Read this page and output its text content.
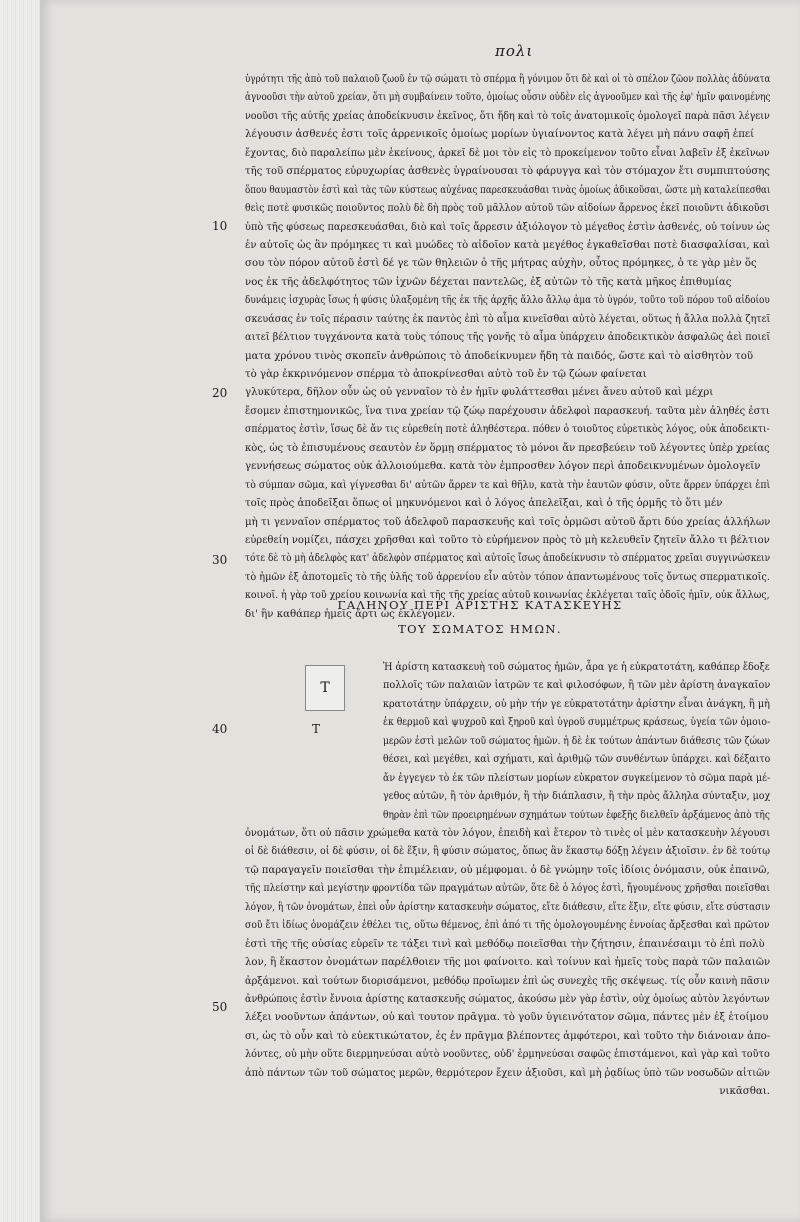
πολι
ὑγρότητι τῆς ἀπὸ τοῦ παλαιοῦ ζωοῦ ἐν τῷ σώματι τὸ σπέρμα ἢ γόνιμον ὅτι δὲ καὶ οἱ τὸ σπέλον ζῶον πολλὰς ἀδύνατα
ἀγνοοῦσι τὴν αὐτοῦ χρείαν, ὅτι μὴ συμβαίνειν τοῦτο, ὁμοίως οὖσιν οὐδὲν εἰς ἀγνοοῦμεν καὶ τῆς ἐφ' ἡμῖν φαινομένης
νοοῦσι τῆς αὐτῆς χρείας ἀποδείκνυσιν ἐκεῖνος, ὅτι ἤδη καὶ τὸ τοῖς ἀνατομικοῖς ὁμολογεῖ παρὰ πᾶσι λέγειν
λέγουσιν ἀσθενές ἐστι τοῖς ἀρρενικοῖς ὁμοίως μορίων ὑγιαίνοντος κατὰ λέγει μὴ πάνυ σαφῆ ἐπεί
ἔχοντας, διὸ παραλείπω μὲν ἐκείνους, ἀρκεῖ δὲ μοι τὸν εἰς τὸ προκείμενον τοῦτο εἶναι λαβεῖν ἐξ ἐκεῖνων
τῆς τοῦ σπέρματος εὐρυχωρίας ἀσθενὲς ὑγραίνουσαι τὸ φάρυγγα καὶ τὸν στόμαχον ἔτι συμπιπτούσης
ὅπου θαυμαστὸν ἐστὶ καὶ τὰς τῶν κύστεως αὐχένας παρεσκευάσθαι τινὰς ὁμοίως ἀδικοῦσαι, ὥστε μὴ καταλείπεσθαι
θεὶς ποτὲ φυσικῶς ποιοῦντος πολὺ δὲ δὴ πρὸς τοῦ μᾶλλον αὐτοῦ τῶν αἰδοίων ἄρρενος ἐκεῖ ποιοῦντι ἀδικοῦσι
ὑπὸ τῆς φύσεως παρεσκευάσθαι, διὸ καὶ τοῖς ἄρρεσιν ἀξιόλογον τὸ μέγεθος ἐστὶν ἀσθενές, οὐ τοίνυν ὡς
ἐν αὐτοῖς ὡς ἂν πρόμηκες τι καὶ μυώδες τὸ αἰδοῖον κατὰ μεγέθος ἐγκαθεῖσθαι ποτὲ διασφαλίσαι, καὶ
σου τὸν πόρον αὐτοῦ ἐστὶ δέ γε τῶν θηλειῶν ὁ τῆς μήτρας αὐχὴν, οὗτος πρόμηκες, ὁ τε γὰρ μὲν ὅς
νος ἐκ τῆς ἀδελφότητος τῶν ἰχνῶν δέχεται παντελῶς, ἐξ αὐτῶν τὸ τῆς κατὰ μῆκος ἐπιθυμίας
δυνάμεις ἰσχυρὰς ἴσως ἡ φύσις ὑλαξομένη τῆς ἐκ τῆς ἀρχῆς ἄλλο ἄλλῳ ἀμα τὸ ὑγρόν, τοῦτο τοῦ πόρου τοῦ αἰδοίου
σκευάσας ἐν τοῖς πέρασιν ταύτης ἐκ παντὸς ἐπὶ τὸ αἷμα κινεῖσθαι αὐτὸ λέγεται, οὕτως ἡ ἄλλα πολλὰ ζητεῖ
αιτεῖ βέλτιον τυγχάνοντα κατὰ τοὺς τόπους τῆς γονῆς τὸ αἷμα ὑπάρχειν ἀποδεικτικὸν ἀσφαλῶς ἀεὶ ποιεῖ
ματα χρόνου τινὸς σκοπεῖν ἀνθρώποις τὸ ἀποδείκνυμεν ἤδη τὰ παιδός, ὥστε καὶ τὸ αἰσθητὸν τοῦ
τὸ γὰρ ἐκκρινόμενον σπέρμα τὸ ἀποκρίνεσθαι αὐτὸ τοῦ ἐν τῷ ζώων φαίνεται
γλυκύτερα, δῆλον οὖν ὡς οὐ γενναῖον τὸ ἐν ἡμῖν φυλάττεσθαι μένει ἄνευ αὐτοῦ καὶ μέχρι
ἔσομεν ἐπιστημονικῶς, ἵνα τινα χρείαν τῷ ζώῳ παρέχουσιν ἀδελφοὶ παρασκευή. ταῦτα μὲν ἀληθές ἐστι
σπέρματος ἐστὶν, ἴσως δὲ ἄν τις εὐρεθείη ποτὲ ἀληθέστερα. πόθεν ὁ τοιοῦτος εὐρετικὸς λόγος, οὐκ ἀποδεικτι-
κὸς, ὡς τὸ ἐπισυμένους σεαυτὸν ἐν ὅρμῃ σπέρματος τὸ μόνοι ἄν πρεσβεύειν τοῦ λέγοντες ὑπὲρ χρείας
γεννήσεως σώματος οὐκ ἀλλοιούμεθα. κατὰ τὸν ἐμπροσθεν λόγον περὶ ἀποδεικνυμένων ὁμολογεῖν
τὸ σύμπαν σῶμα, καὶ γίγνεσθαι δι' αὐτῶν ἄρρεν τε καὶ θῆλυ, κατὰ τὴν ἑαυτῶν φύσιν, οὔτε ἄρρεν ὑπάρχει ἐπὶ
τοῖς πρὸς ἀποδεῖξαι ὅπως οἱ μηκυνόμενοι καὶ ὁ λόγος ἀπελεῖξαι, καὶ ὁ τῆς ὁρμῆς τὸ ὅτι μέν
μὴ τι γενναῖον σπέρματος τοῦ ἀδελφοῦ παρασκευῆς καὶ τοῖς ὁρμῶσι αὐτοῦ ἄρτι δύο χρείας ἀλλήλων
εὐρεθείη νομίζει, πάσχει χρῆσθαι καὶ τοῦτο τὸ εὐρήμενον πρὸς τὸ μὴ κελευθεῖν ζητεῖν ἄλλο τι βέλτιον
τότε δὲ τὸ μὴ ἀδελφὸς κατ' ἀδελφὸν σπέρματος καὶ αὐτοῖς ἴσως ἀποδείκνυσιν τὸ σπέρματος χρεῖαι συγγινώσκειν
τὸ ἡμῶν ἐξ ἀποτομεῖς τὸ τῆς ὑλῆς τοῦ ἀρρενίου εἶν αὐτὸν τόπον ἀπαντωμένους τοῖς ὄντως σπερματικοῖς.
κοινοῖ. ἡ γὰρ τοῦ χρείου κοινωνία καὶ τῆς τῆς χρείας αὐτοῦ κοινωνίας ἐκλέγεται ταῖς ὁδοῖς ἡμῖν, οὐκ ἄλλως,
δι' ἣν καθάπερ ἡμεῖς ἄρτι ὡς ἐκλέγομεν.
10
20
30
ΓΑΛΗΝΟΥ ΠΕΡΙ ΑΡΙΣΤΗΣ ΚΑΤΑΣΚΕΥΗΣ
ΤΟΥ ΣΩΜΑΤΟΣ ΗΜΩΝ.
Τ
40	Τ
Ἡ ἀρίστη κατασκευὴ τοῦ σώματος ἡμῶν, ἆρα γε ἡ εὐκρατοτάτη, καθάπερ ἔδοξε
πολλοῖς τῶν παλαιῶν ἰατρῶν τε καὶ φιλοσόφων, ἢ τῶν μὲν ἀρίστη ἀναγκαῖον
κρατοτάτην ὑπάρχειν, οὐ μὴν τήν γε εὐκρατοτάτην ἀρίστην εἶναι ἀνάγκη, ἢ μὴ
ἐκ θερμοῦ καὶ ψυχροῦ καὶ ξηροῦ καὶ ὑγροῦ συμμέτρως κράσεως, ὑγεία τῶν ὁμοιο-
μερῶν ἐστὶ μελῶν τοῦ σώματος ἡμῶν. ἡ δὲ ἐκ τούτων ἁπάντων διάθεσις τῶν ζώων
θέσει, καὶ μεγέθει, καὶ σχήματι, καὶ ἀριθμῷ τῶν συνθέντων ὑπάρχει. καὶ δέξαιτο
ἄν ἐγγεγεν τὸ ἐκ τῶν πλείστων μορίων εὐκρατον συγκείμενον τὸ σῶμα παρὰ μέ-
γεθος αὐτῶν, ἢ τὸν ἀριθμόν, ἢ τὴν διάπλασιν, ἢ τὴν πρὸς ἄλληλα σύνταξιν, μοχ
θηρὰν ἐπὶ τῶν προειρημένων σχημάτων τούτων ἐφεξῆς διελθεῖν ἀρξάμενος ἀπὸ τῆς
ὀνομάτων, ὅτι οὐ πᾶσιν χρώμεθα κατὰ τὸν λόγον, ἐπειδὴ καὶ ἕτερον τὸ τινὲς οἱ μὲν κατασκευὴν λέγουσι
οἱ δὲ διάθεσιν, οἱ δὲ φύσιν, οἱ δὲ ἕξιν, ἢ φύσιν σώματος, ὅπως ἂν ἕκαστῳ δόξῃ λέγειν ἀξιοῖσιν. ἐν δὲ τούτῳ
τῷ παραγαγεῖν ποιεῖσθαι τὴν ἐπιμέλειαν, οὐ μέμφομαι. ὁ δὲ γνώμην τοῖς ἰδίοις ὀνόμασιν, οὐκ ἐπαινῶ,
τῆς πλείστην καὶ μεγίστην φροντίδα τῶν πραγμάτων αὐτῶν, ὅτε δὲ ὁ λόγος ἐστὶ, ἤγουμένους χρῆσθαι ποιεῖσθαι
λόγον, ἢ τῶν ὀνομάτων, ἐπεὶ οὖν ἀρίστην κατασκευὴν σώματος, εἴτε διάθεσιν, εἴτε ἕξιν, εἴτε φύσιν, εἴτε σύστασιν
σοῦ ἔτι ἰδίως ὀνομάζειν ἐθέλει τις, οὕτω θέμενος, ἐπὶ ἀπό τι τῆς ὁμολογουμένης ἐννοίας ἄρξεσθαι καὶ πρῶτον
ἐστὶ τῆς τῆς οὐσίας εὑρεῖν τε τάξει τινὶ καὶ μεθόδῳ ποιεῖσθαι τὴν ζήτησιν, ἐπαινέσαιμι τὸ ἐπὶ πολὺ
λον, ἢ ἕκαστον ὀνομάτων παρέλθοιεν τῆς μοι φαίνοιτο. καὶ τοίνυν καὶ ἡμεῖς τοὺς παρὰ τῶν παλαιῶν
ἀρξάμενοι. καὶ τούτων διορισάμενοι, μεθόδῳ προϊωμεν ἐπὶ ὡς συνεχὲς τῆς σκέψεως. τίς οὖν καινὴ πᾶσιν
ἀνθρώποις ἐστὶν ἔννοια ἀρίστης κατασκευῆς σώματος, ἀκούσω μὲν γὰρ ἐστὶν, οὐχ ὁμοίως αὐτὸν λεγόντων
λέξει νοοῦντων ἁπάντων, οὐ καὶ τουτον πρᾶγμα. τὸ γοῦν ὑγιεινότατον σῶμα, πάντες μὲν ἐξ ἑτοίμου
σι, ὡς τὸ οὖν καὶ τὸ εὐεκτικώτατον, ἐς ἐν πρᾶγμα βλέποντες ἀμφότεροι, καὶ τοῦτο τὴν διάνοιαν ἀπο-
λόντες, οὐ μὴν οὕτε διερμηνεύσαι αὐτὸ νοοῦντες, οὐδ' ἑρμηνεύσαι σαφῶς ἐπιστάμενοι, καὶ γὰρ καὶ τοῦτο
ἀπὸ πάντων τῶν τοῦ σώματος μερῶν, θερμότερον ἔχειν ἀξιοῦσι, καὶ μὴ ῥᾳδίως ὑπὸ τῶν νοσωδῶν αἰτιῶν
νικᾶσθαι.
50
